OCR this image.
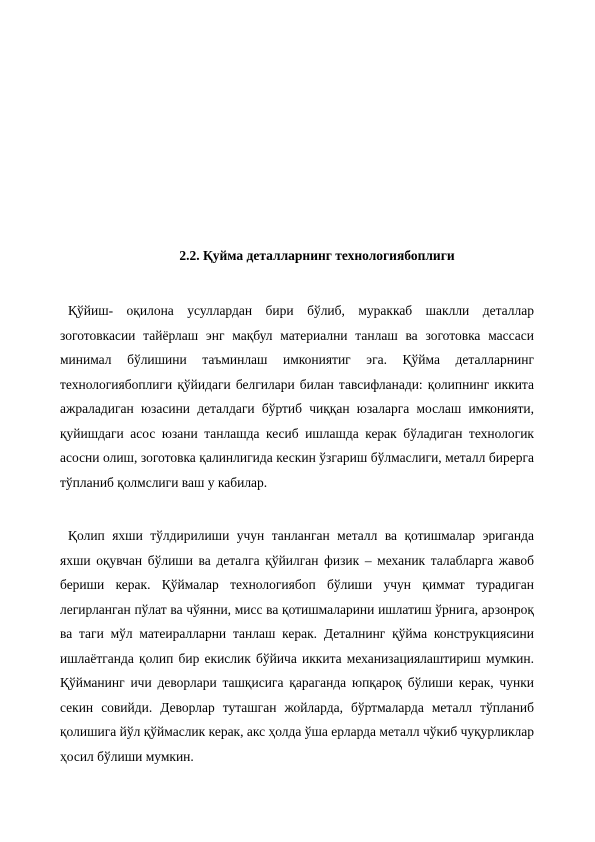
2.2. Қуйма деталларнинг технологиябоплиги
Қўйиш- оқилона усуллардан бири бўлиб, мураккаб шаклли деталлар зоготовкасии тайёрлаш энг мақбул материални танлаш ва зоготовка массаси минимал бўлишини таъминлаш имкониятиг эга. Қўйма деталларнинг технологиябоплиги қўйидаги белгилари билан тавсифланади: қолипнинг иккита ажраладиган юзасини деталдаги бўртиб чиққан юзаларга мослаш имконияти, қуйишдаги асос юзани танлашда кесиб ишлашда керак бўладиган технологик асосни олиш, зоготовка қалинлигида кескин ўзгариш бўлмаслиги, металл бирерга тўпланиб қолмслиги ваш у кабилар.
Қолип яхши тўлдирилиши учун танланган металл ва қотишмалар эриганда яхши оқувчан бўлиши ва деталга қўйилган физик – механик талабларга жавоб бериши керак. Қўймалар технологиябоп бўлиши учун қиммат турадиган легирланган пўлат ва чўянни, мисс ва қотишмаларини ишлатиш ўрнига, арзонроқ ва таги мўл матеиралларни танлаш керак. Деталнинг қўйма конструкциясини ишлаётганда қолип бир екислик бўйича иккита механизациялаштириш мумкин. Қўйманинг ичи деворлари ташқисига қараганда юпқароқ бўлиши керак, чунки секин совийди. Деворлар туташган жойларда, бўртмаларда металл тўпланиб қолишига йўл қўймаслик керак, акс ҳолда ўша ерларда металл чўкиб чуқурликлар ҳосил бўлиши мумкин.
